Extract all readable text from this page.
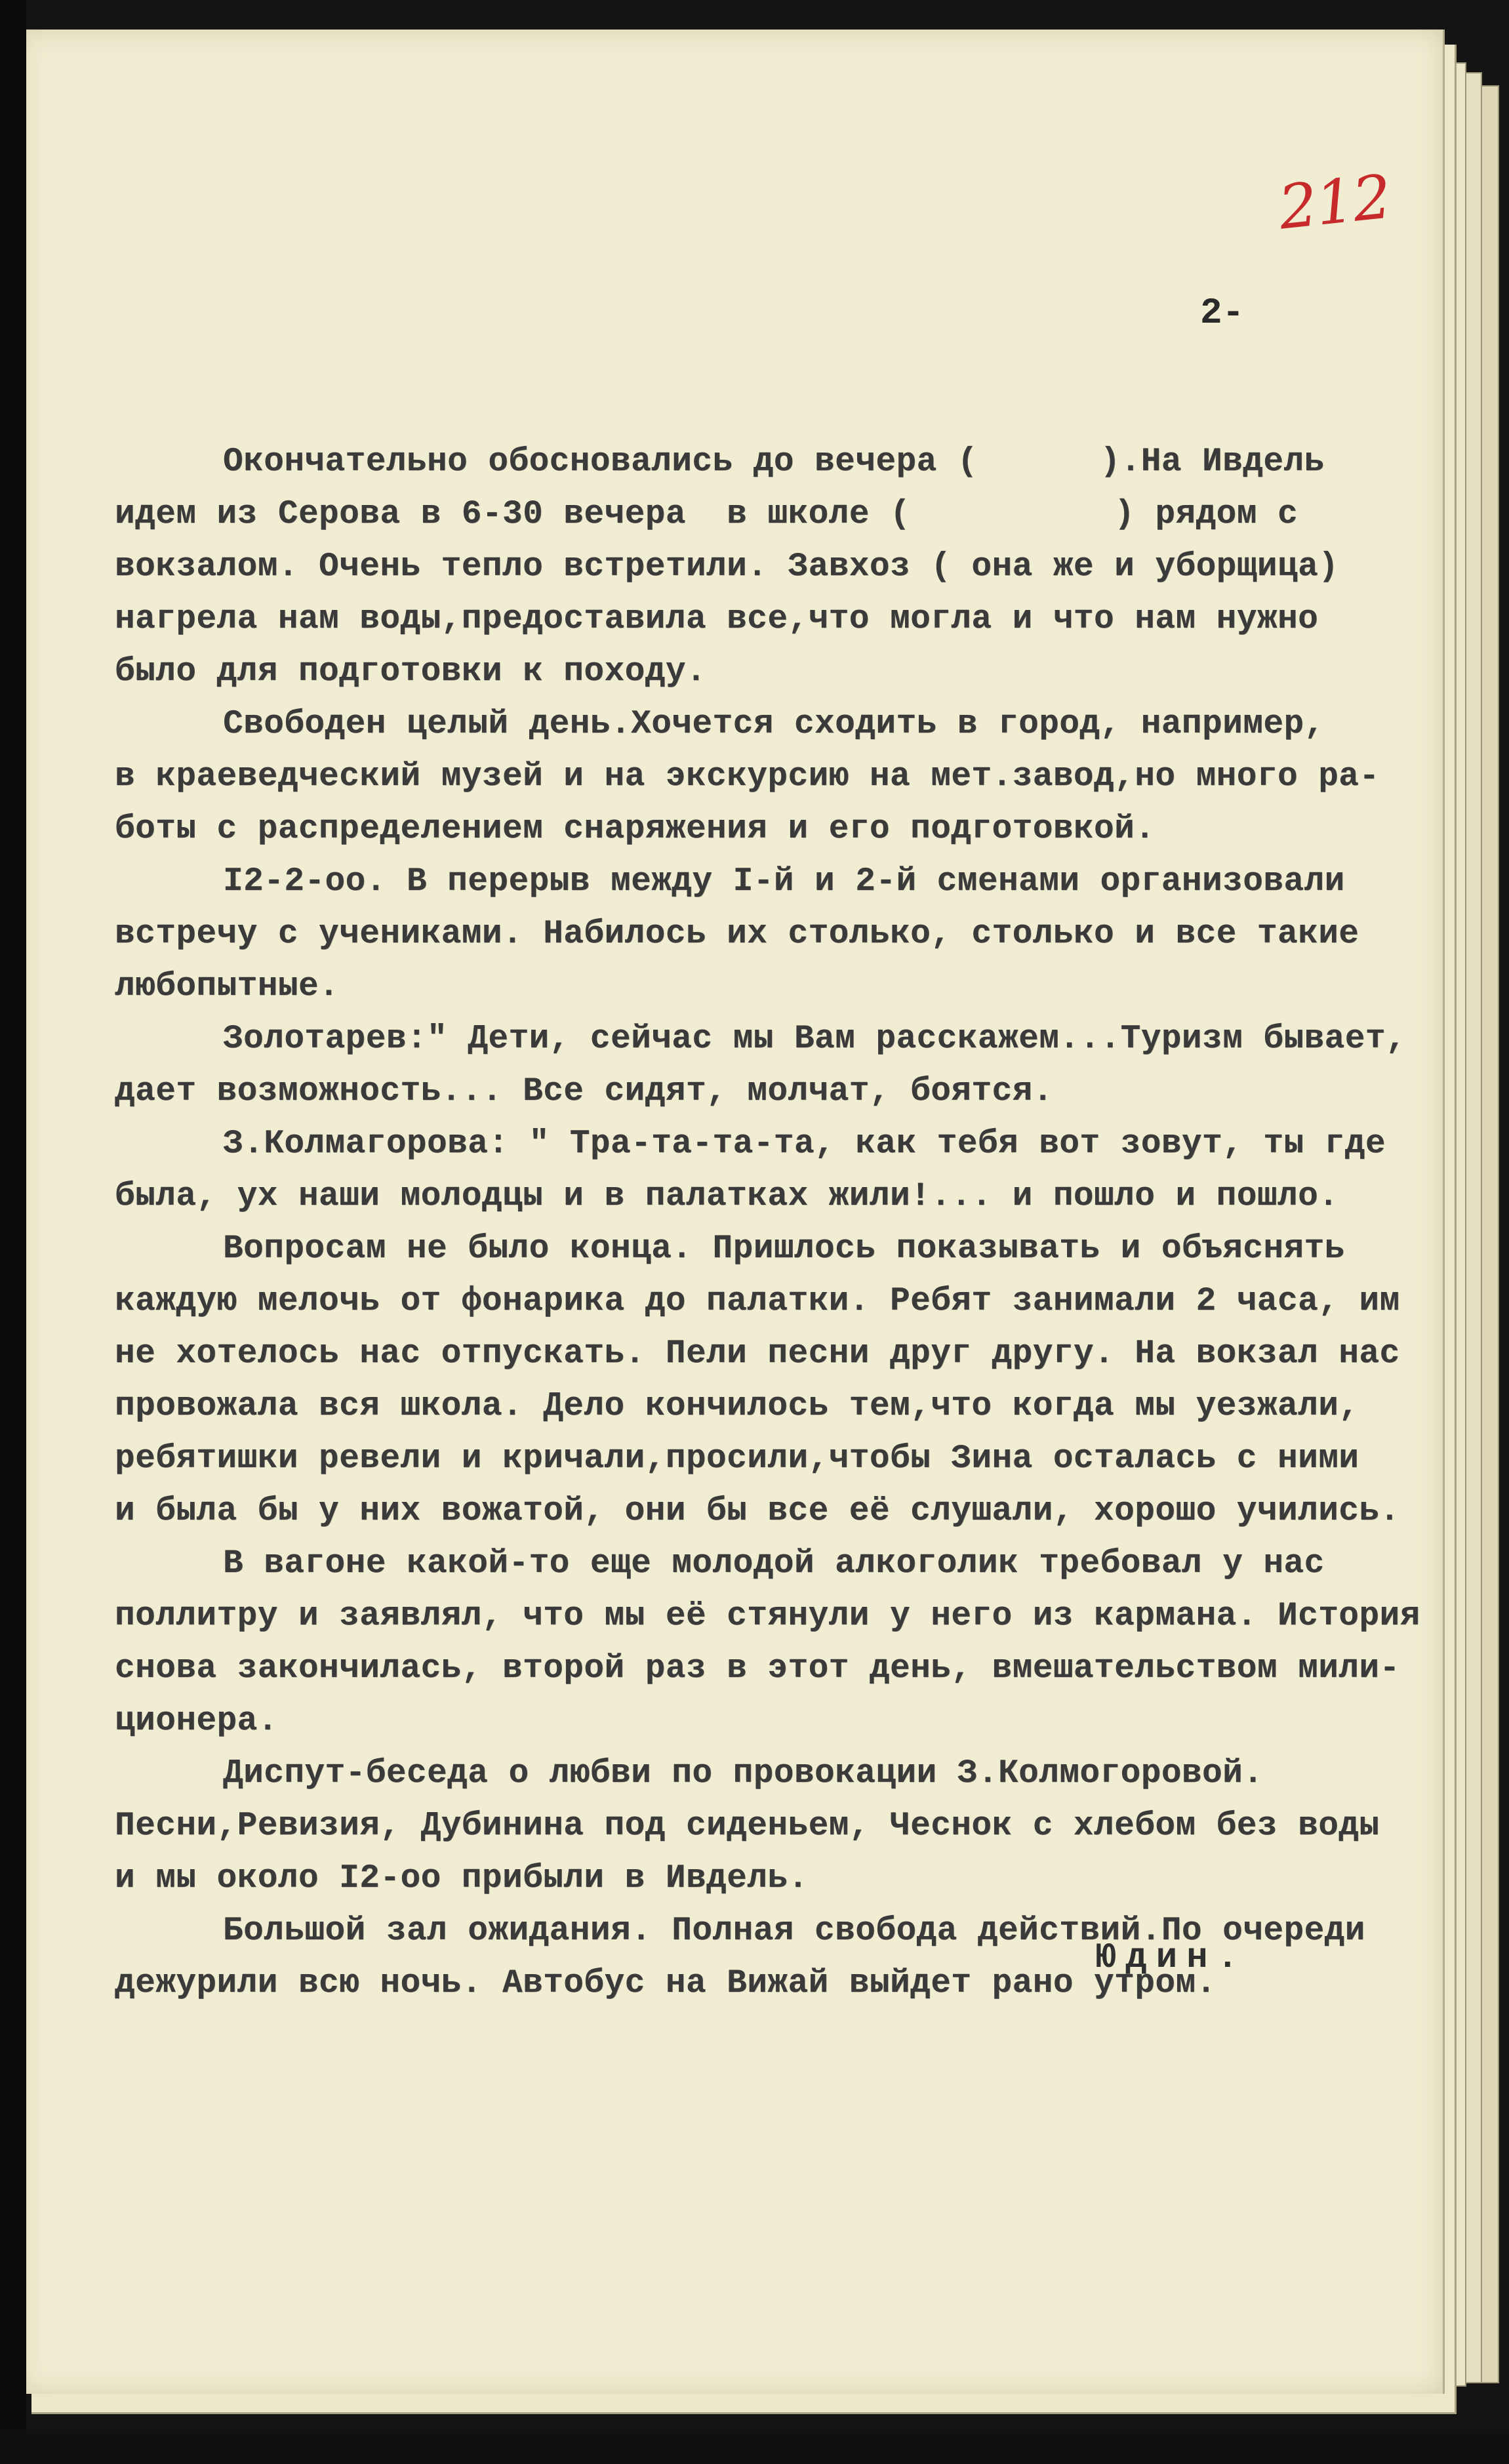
212
2-
Окончательно обосновались до вечера (      ).На Ивдель
идем из Серова в 6-30 вечера  в школе (          ) рядом с
вокзалом. Очень тепло встретили. Завхоз ( она же и уборщица)
нагрела нам воды,предоставила все,что могла и что нам нужно
было для подготовки к походу.
Свободен целый день.Хочется сходить в город, например,
в краеведческий музей и на экскурсию на мет.завод,но много ра-
боты с распределением снаряжения и его подготовкой.
I2-2-оо. В перерыв между I-й и 2-й сменами организовали
встречу с учениками. Набилось их столько, столько и все такие
любопытные.
Золотарев:" Дети, сейчас мы Вам расскажем...Туризм бывает,
дает возможность... Все сидят, молчат, боятся.
З.Колмагорова: " Тра-та-та-та, как тебя вот зовут, ты где
была, ух наши молодцы и в палатках жили!... и пошло и пошло.
Вопросам не было конца. Пришлось показывать и объяснять
каждую мелочь от фонарика до палатки. Ребят занимали 2 часа, им
не хотелось нас отпускать. Пели песни друг другу. На вокзал нас
провожала вся школа. Дело кончилось тем,что когда мы уезжали,
ребятишки ревели и кричали,просили,чтобы Зина осталась с ними
и была бы у них вожатой, они бы все её слушали, хорошо учились.
В вагоне какой-то еще молодой алкоголик требовал у нас
поллитру и заявлял, что мы её стянули у него из кармана. История
снова закончилась, второй раз в этот день, вмешательством мили-
ционера.
Диспут-беседа о любви по провокации З.Колмогоровой.
Песни,Ревизия, Дубинина под сиденьем, Чеснок с хлебом без воды
и мы около I2-оо прибыли в Ивдель.
Большой зал ожидания. Полная свобода действий.По очереди
дежурили всю ночь. Автобус на Вижай выйдет рано утром.
Юдин.
